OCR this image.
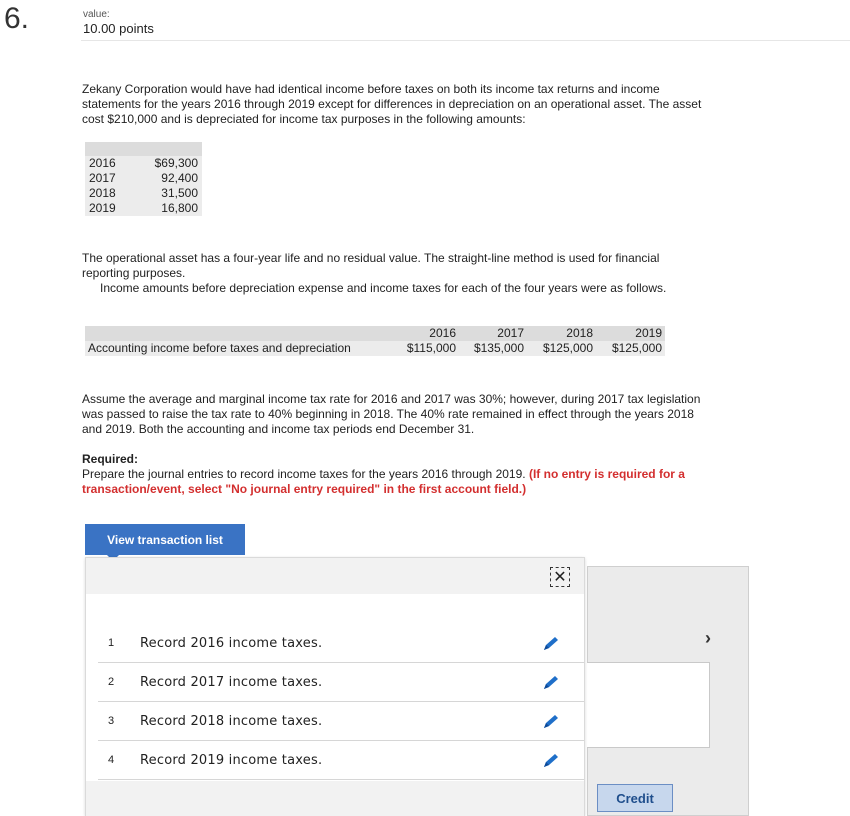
6.	value:
10.00 points
Zekany Corporation would have had identical income before taxes on both its income tax returns and income statements for the years 2016 through 2019 except for differences in depreciation on an operational asset. The asset cost $210,000 and is depreciated for income tax purposes in the following amounts:

2016	$69,300
2017	92,400
2018	31,500
2019	16,800
The operational asset has a four-year life and no residual value. The straight-line method is used for financial reporting purposes.
Income amounts before depreciation expense and income taxes for each of the four years were as follows.
	2016	2017	2018	2019
Accounting income before taxes and depreciation	$115,000	$135,000	$125,000	$125,000
Assume the average and marginal income tax rate for 2016 and 2017 was 30%; however, during 2017 tax legislation was passed to raise the tax rate to 40% beginning in 2018. The 40% rate remained in effect through the years 2018 and 2019. Both the accounting and income tax periods end December 31.
Required:
Prepare the journal entries to record income taxes for the years 2016 through 2019. (If no entry is required for a transaction/event, select "No journal entry required" in the first account field.)
›
Credit
View transaction list
✕
1	Record 2016 income taxes.
2	Record 2017 income taxes.
3	Record 2018 income taxes.
4	Record 2019 income taxes.
